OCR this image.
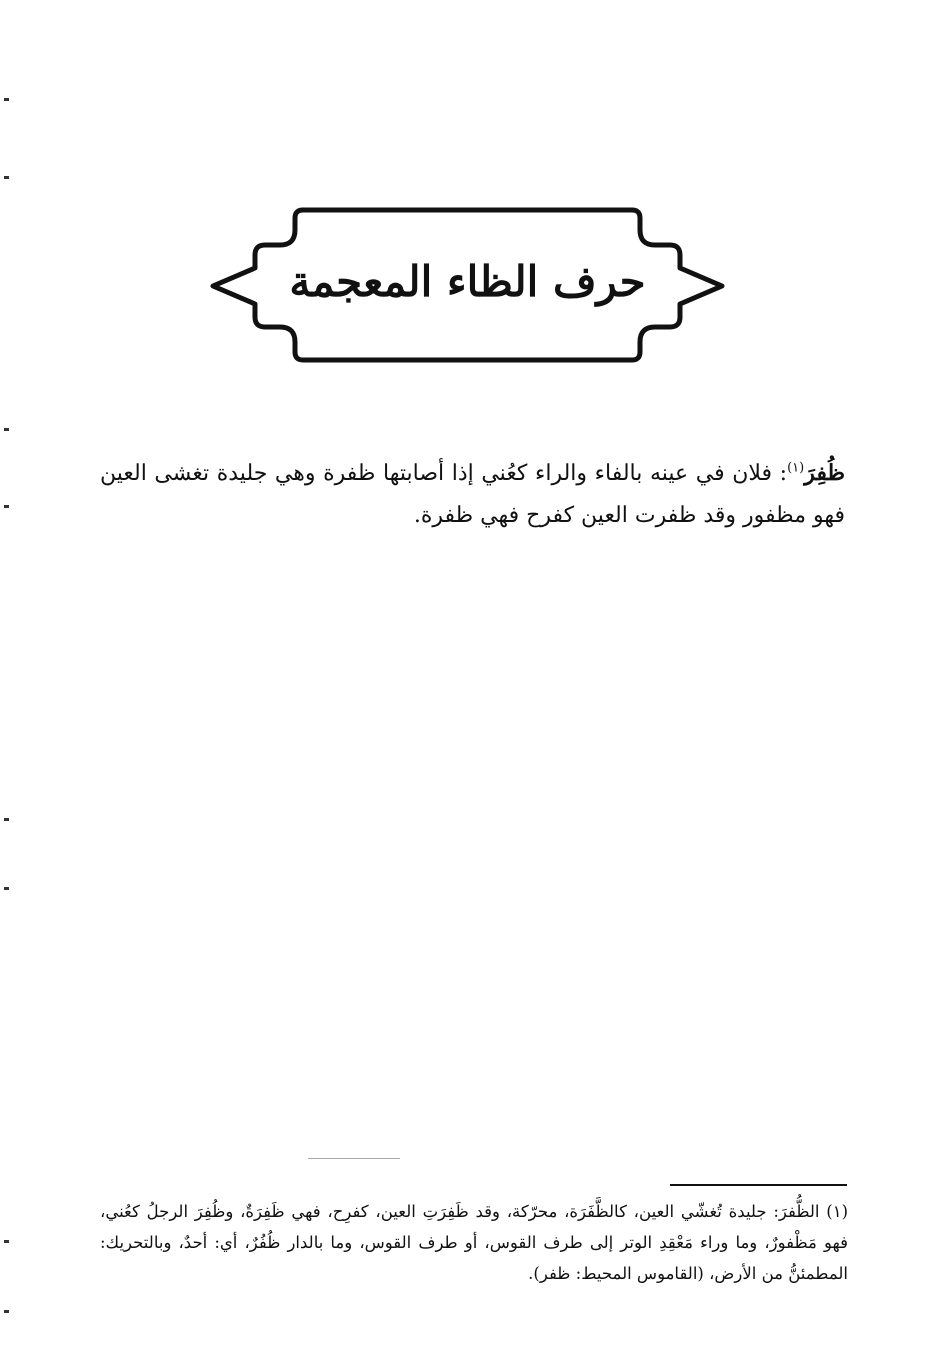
حرف الظاء المعجمة
ظُفِرَ$^{(١)}$: فلان في عينه بالفاء والراء كعُني إذا أصابتها ظفرة وهي جليدة تغشى العين فهو مظفور وقد ظفرت العين كفرح فهي ظفرة.
(١) الظُّفرَ: جليدة تُغشّي العين، كالظَّفَرَة، محرّكة، وقد ظَفِرَتِ العين، كفرِح، فهي ظَفِرَةٌ، وظُفِرَ الرجلُ كعُني، فهو مَظْفورٌ، وما وراء مَعْقِدِ الوتر إلى طرف القوس، أو طرف القوس، وما بالدار ظُفُرٌ، أي: أحدٌ، وبالتحريك: المطمئنُّ من الأرض، (القاموس المحيط: ظفر).
